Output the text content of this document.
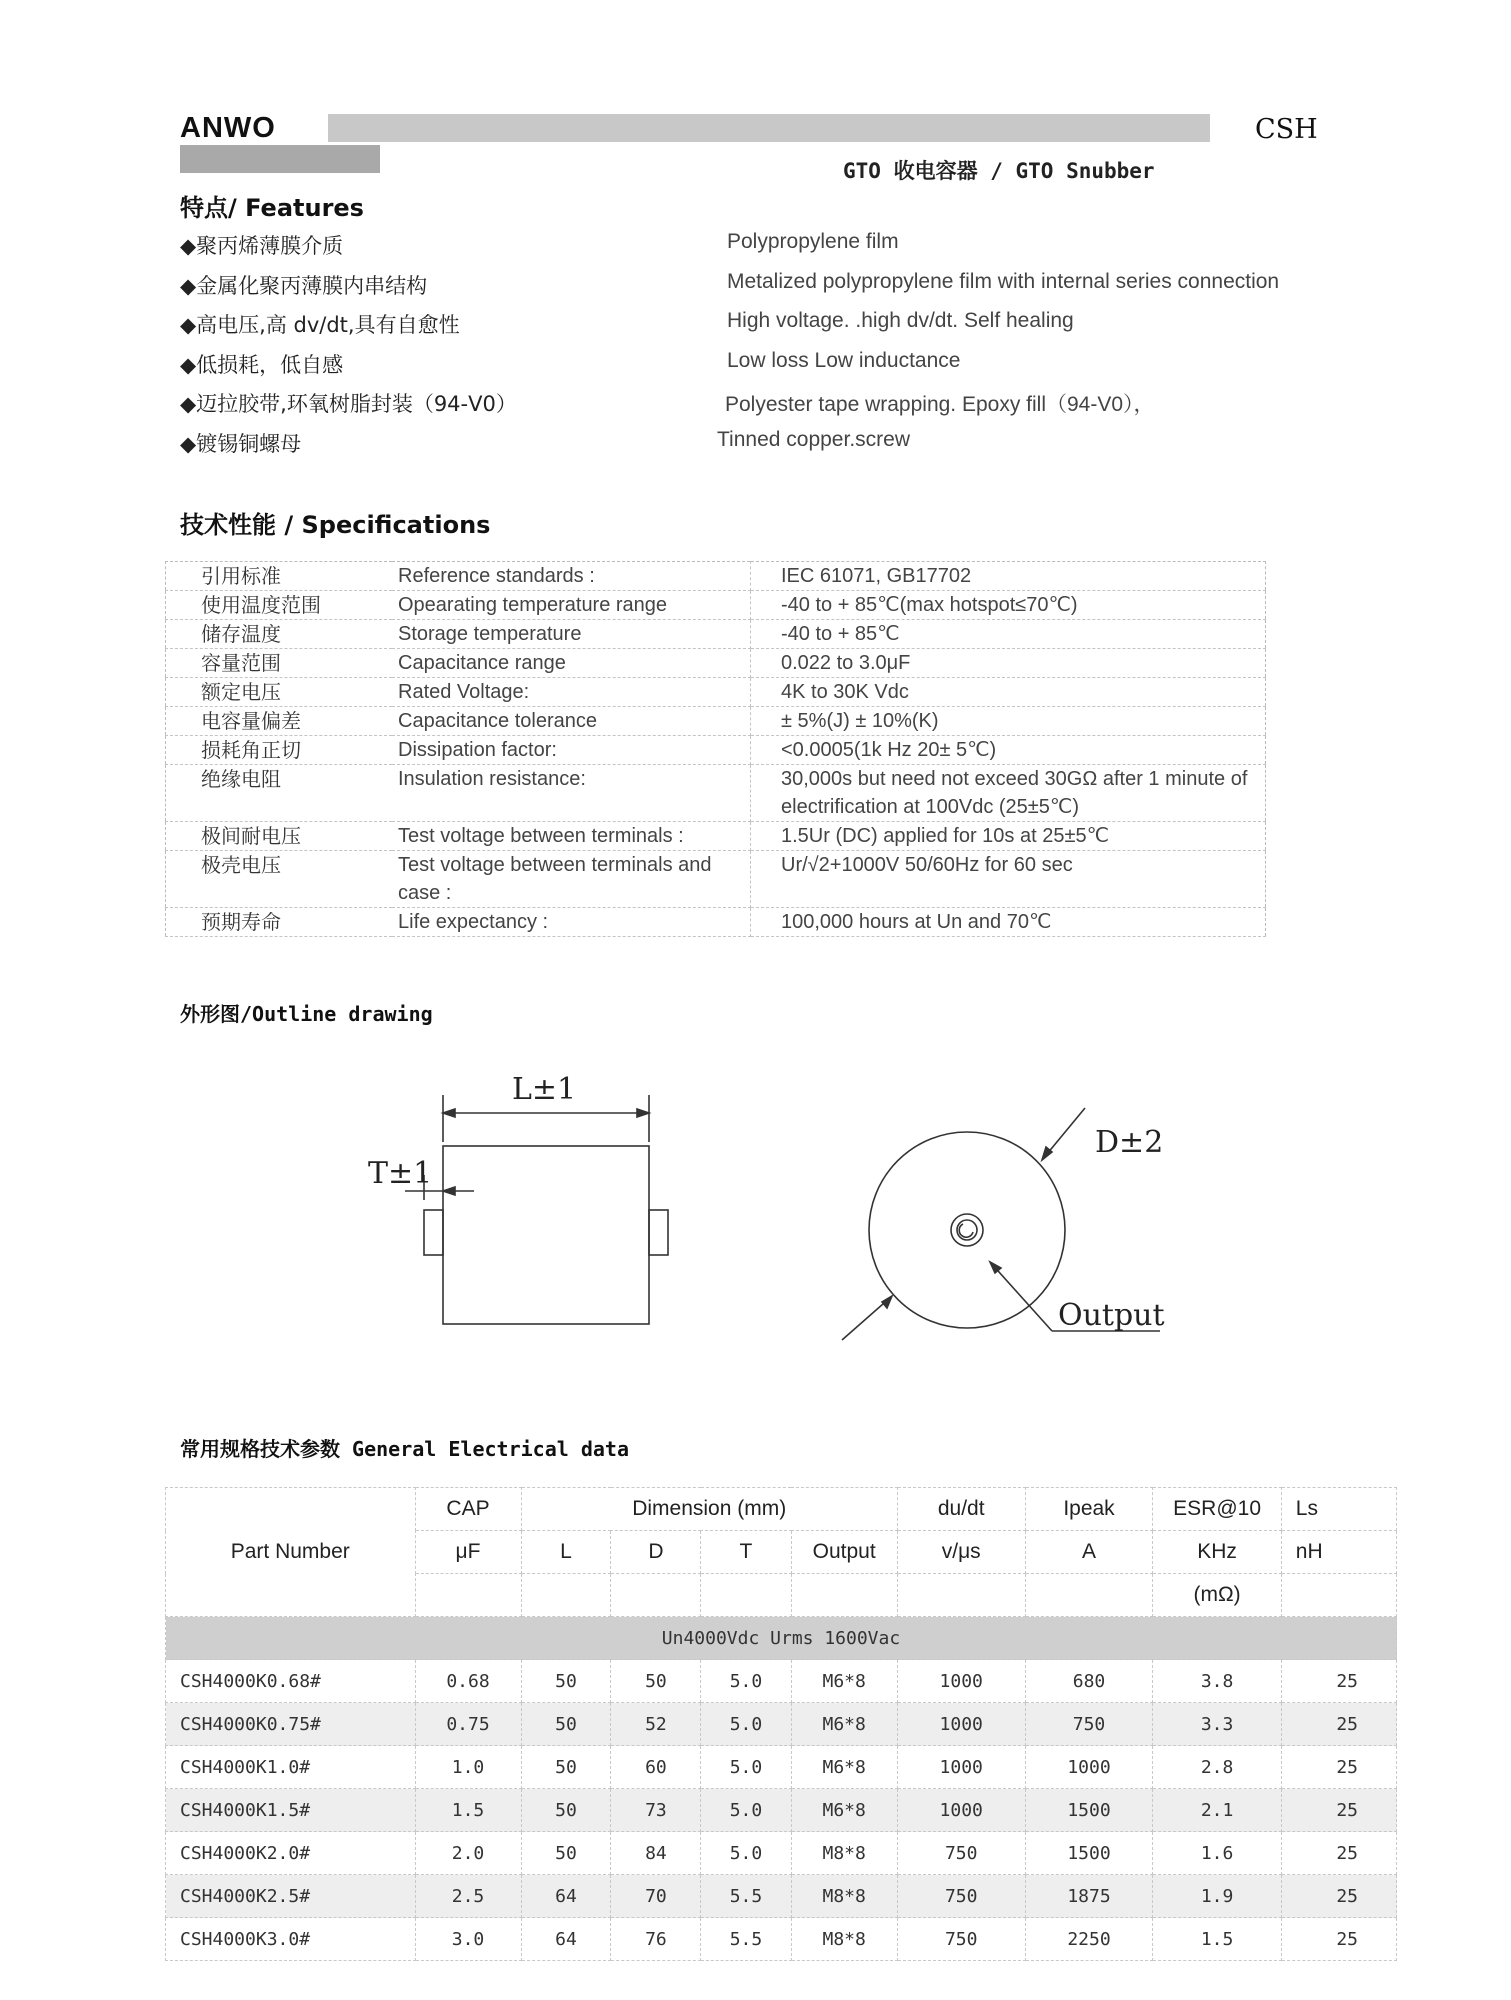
ANWO	CSH
GTO 收电容器 / GTO Snubber
特点/ Features
◆聚丙烯薄膜介质	Polypropylene film
◆金属化聚丙薄膜内串结构	Metalized polypropylene film with internal series connection
◆高电压,高 dv/dt,具有自愈性	High voltage. .high dv/dt. Self healing
◆低损耗，低自感	Low loss Low inductance
◆迈拉胶带,环氧树脂封装（94-V0）	Polyester tape wrapping. Epoxy fill（94-V0），
◆镀锡铜螺母	Tinned copper.screw
技术性能 / Specifications
引用标准	Reference standards :	IEC 61071, GB17702
使用温度范围	Opearating temperature range	-40 to + 85℃(max hotspot≤70℃)
储存温度	Storage temperature	-40 to + 85℃
容量范围	Capacitance range	0.022 to 3.0μF
额定电压	Rated Voltage:	4K to 30K Vdc
电容量偏差	Capacitance tolerance	± 5%(J) ± 10%(K)
损耗角正切	Dissipation factor:	<0.0005(1k Hz 20± 5℃)
绝缘电阻	Insulation resistance:	30,000s but need not exceed 30GΩ after 1 minute of electrification at 100Vdc (25±5℃)
极间耐电压	Test voltage between terminals :	1.5Ur (DC) applied for 10s at 25±5℃
极壳电压	Test voltage between terminals and case :	Ur/√2+1000V 50/60Hz for 60 sec
预期寿命	Life expectancy :	100,000 hours at Un and 70℃
外形图/Outline drawing
L±1
T±1
D±2
Output
常用规格技术参数 General Electrical data
Part Number	CAP	Dimension (mm)				du/dt	Ipeak	ESR@10	Ls
	μF	L	D	T	Output	v/μs	A	KHz	nH
								(mΩ)	
Un4000Vdc Urms 1600Vac									
CSH4000K0.68#	0.68	50	50	5.0	M6*8	1000	680	3.8	25
CSH4000K0.75#	0.75	50	52	5.0	M6*8	1000	750	3.3	25
CSH4000K1.0#	1.0	50	60	5.0	M6*8	1000	1000	2.8	25
CSH4000K1.5#	1.5	50	73	5.0	M6*8	1000	1500	2.1	25
CSH4000K2.0#	2.0	50	84	5.0	M8*8	750	1500	1.6	25
CSH4000K2.5#	2.5	64	70	5.5	M8*8	750	1875	1.9	25
CSH4000K3.0#	3.0	64	76	5.5	M8*8	750	2250	1.5	25
